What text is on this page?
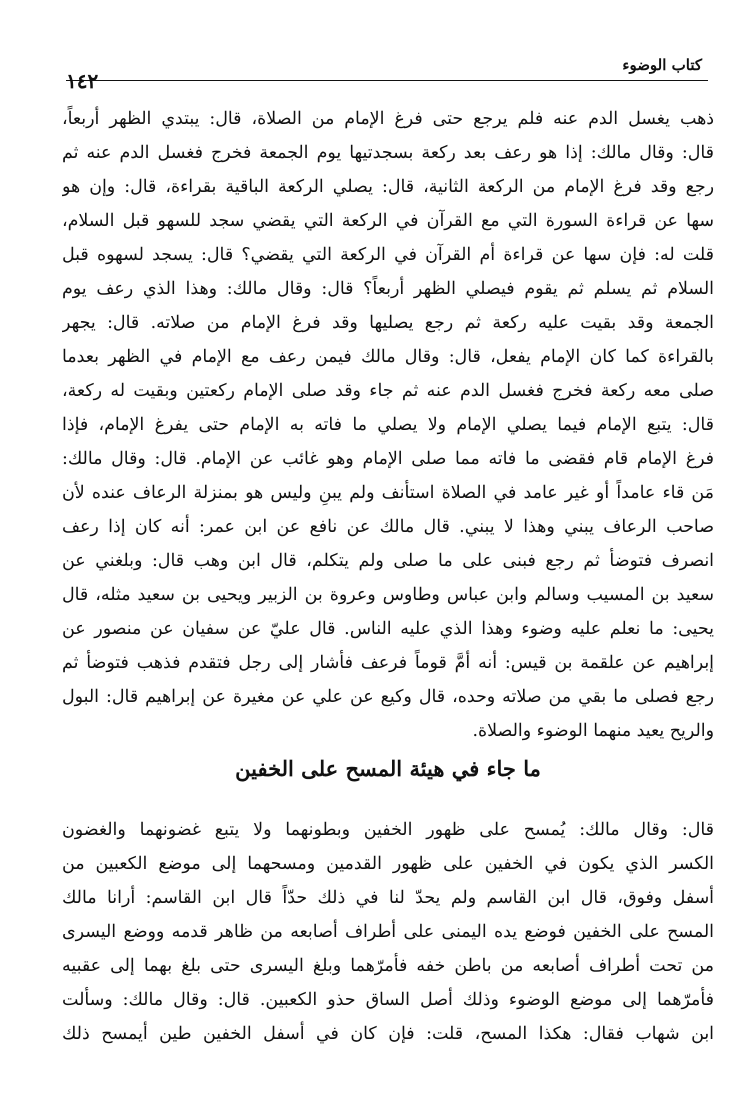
كتاب الوضوء
١٤٢
ذهب يغسل الدم عنه فلم يرجع حتى فرغ الإمام من الصلاة، قال: يبتدي الظهر أربعاً،
قال: وقال مالك: إذا هو رعف بعد ركعة بسجدتيها يوم الجمعة فخرج فغسل الدم عنه ثم
رجع وقد فرغ الإمام من الركعة الثانية، قال: يصلي الركعة الباقية بقراءة، قال: وإن هو
سها عن قراءة السورة التي مع القرآن في الركعة التي يقضي سجد للسهو قبل السلام،
قلت له: فإن سها عن قراءة أم القرآن في الركعة التي يقضي؟ قال: يسجد لسهوه قبل
السلام ثم يسلم ثم يقوم فيصلي الظهر أربعاً؟ قال: وقال مالك: وهذا الذي رعف يوم
الجمعة وقد بقيت عليه ركعة ثم رجع يصليها وقد فرغ الإمام من صلاته. قال: يجهر
بالقراءة كما كان الإمام يفعل، قال: وقال مالك فيمن رعف مع الإمام في الظهر بعدما
صلى معه ركعة فخرج فغسل الدم عنه ثم جاء وقد صلى الإمام ركعتين وبقيت له ركعة،
قال: يتبع الإمام فيما يصلي الإمام ولا يصلي ما فاته به الإمام حتى يفرغ الإمام، فإذا
فرغ الإمام قام فقضى ما فاته مما صلى الإمام وهو غائب عن الإمام. قال: وقال مالك:
مَن قاء عامداً أو غير عامد في الصلاة استأنف ولم يبنِ وليس هو بمنزلة الرعاف عنده لأن
صاحب الرعاف يبني وهذا لا يبني. قال مالك عن نافع عن ابن عمر: أنه كان إذا رعف
انصرف فتوضأ ثم رجع فبنى على ما صلى ولم يتكلم، قال ابن وهب قال: وبلغني عن
سعيد بن المسيب وسالم وابن عباس وطاوس وعروة بن الزبير ويحيى بن سعيد مثله، قال
يحيى: ما نعلم عليه وضوء وهذا الذي عليه الناس. قال عليّ عن سفيان عن منصور عن
إبراهيم عن علقمة بن قيس: أنه أمَّ قوماً فرعف فأشار إلى رجل فتقدم فذهب فتوضأ ثم
رجع فصلى ما بقي من صلاته وحده، قال وكيع عن علي عن مغيرة عن إبراهيم قال: البول
والريح يعيد منهما الوضوء والصلاة.
ما جاء في هيئة المسح على الخفين
قال: وقال مالك: يُمسح على ظهور الخفين وبطونهما ولا يتبع غضونهما والغضون
الكسر الذي يكون في الخفين على ظهور القدمين ومسحهما إلى موضع الكعبين من
أسفل وفوق، قال ابن القاسم ولم يحدّ لنا في ذلك حدّاً قال ابن القاسم: أرانا مالك
المسح على الخفين فوضع يده اليمنى على أطراف أصابعه من ظاهر قدمه ووضع اليسرى
من تحت أطراف أصابعه من باطن خفه فأمرّهما وبلغ اليسرى حتى بلغ بهما إلى عقبيه
فأمرّهما إلى موضع الوضوء وذلك أصل الساق حذو الكعبين. قال: وقال مالك: وسألت
ابن شهاب فقال: هكذا المسح، قلت: فإن كان في أسفل الخفين طين أيمسح ذلك
